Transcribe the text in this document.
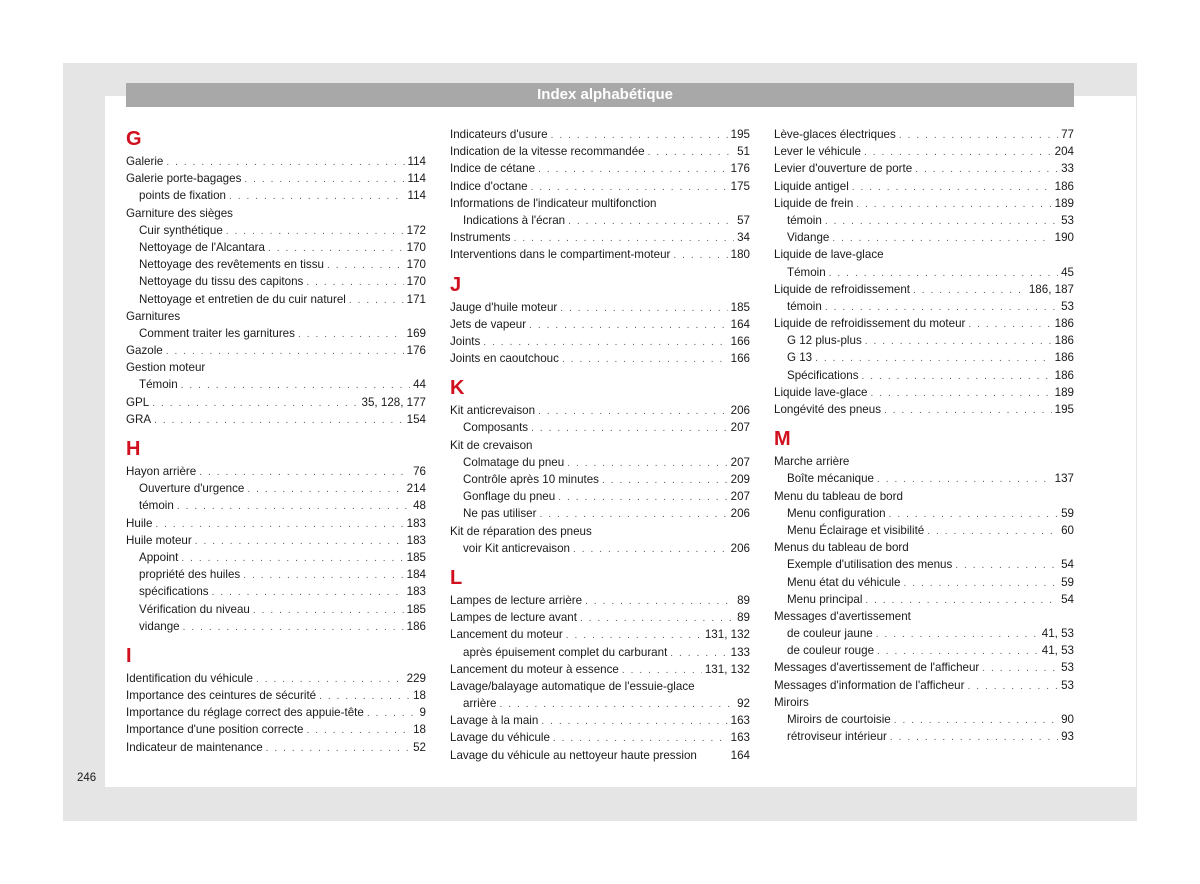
Index alphabétique
G
Galerie . . .	114
Galerie porte-bagages . . .	114
points de fixation . . .	114
Garniture des sièges
Cuir synthétique . . .	172
Nettoyage de l'Alcantara . . .	170
Nettoyage des revêtements en tissu . . .	170
Nettoyage du tissu des capitons . . .	170
Nettoyage et entretien de du cuir naturel . . .	171
Garnitures
Comment traiter les garnitures . . .	169
Gazole . . .	176
Gestion moteur
Témoin . . .	44
GPL . . .	35, 128, 177
GRA . . .	154
H
Hayon arrière . . .	76
Ouverture d'urgence . . .	214
témoin . . .	48
Huile . . .	183
Huile moteur . . .	183
Appoint . . .	185
propriété des huiles . . .	184
spécifications . . .	183
Vérification du niveau . . .	185
vidange . . .	186
I
Identification du véhicule . . .	229
Importance des ceintures de sécurité . . .	18
Importance du réglage correct des appuie-tête . . .	9
Importance d'une position correcte . . .	18
Indicateur de maintenance . . .	52
Indicateurs d'usure . . .	195
Indication de la vitesse recommandée . . .	51
Indice de cétane . . .	176
Indice d'octane . . .	175
Informations de l'indicateur multifonction
Indications à l'écran . . .	57
Instruments . . .	34
Interventions dans le compartiment-moteur . . .	180
J
Jauge d'huile moteur . . .	185
Jets de vapeur . . .	164
Joints . . .	166
Joints en caoutchouc . . .	166
K
Kit anticrevaison . . .	206
Composants . . .	207
Kit de crevaison
Colmatage du pneu . . .	207
Contrôle après 10 minutes . . .	209
Gonflage du pneu . . .	207
Ne pas utiliser . . .	206
Kit de réparation des pneus
voir Kit anticrevaison . . .	206
L
Lampes de lecture arrière . . .	89
Lampes de lecture avant . . .	89
Lancement du moteur . . .	131, 132
après épuisement complet du carburant . . .	133
Lancement du moteur à essence . . .	131, 132
Lavage/balayage automatique de l'essuie-glace
arrière . . .	92
Lavage à la main . . .	163
Lavage du véhicule . . .	163
Lavage du véhicule au nettoyeur haute pression	164
Lève-glaces électriques . . .	77
Lever le véhicule . . .	204
Levier d'ouverture de porte . . .	33
Liquide antigel . . .	186
Liquide de frein . . .	189
témoin . . .	53
Vidange . . .	190
Liquide de lave-glace
Témoin . . .	45
Liquide de refroidissement . . .	186, 187
témoin . . .	53
Liquide de refroidissement du moteur . . .	186
G 12 plus-plus . . .	186
G 13 . . .	186
Spécifications . . .	186
Liquide lave-glace . . .	189
Longévité des pneus . . .	195
M
Marche arrière
Boîte mécanique . . .	137
Menu du tableau de bord
Menu configuration . . .	59
Menu Éclairage et visibilité . . .	60
Menus du tableau de bord
Exemple d'utilisation des menus . . .	54
Menu état du véhicule . . .	59
Menu principal . . .	54
Messages d'avertissement
de couleur jaune . . .	41, 53
de couleur rouge . . .	41, 53
Messages d'avertissement de l'afficheur . . .	53
Messages d'information de l'afficheur . . .	53
Miroirs
Miroirs de courtoisie . . .	90
rétroviseur intérieur . . .	93
246
